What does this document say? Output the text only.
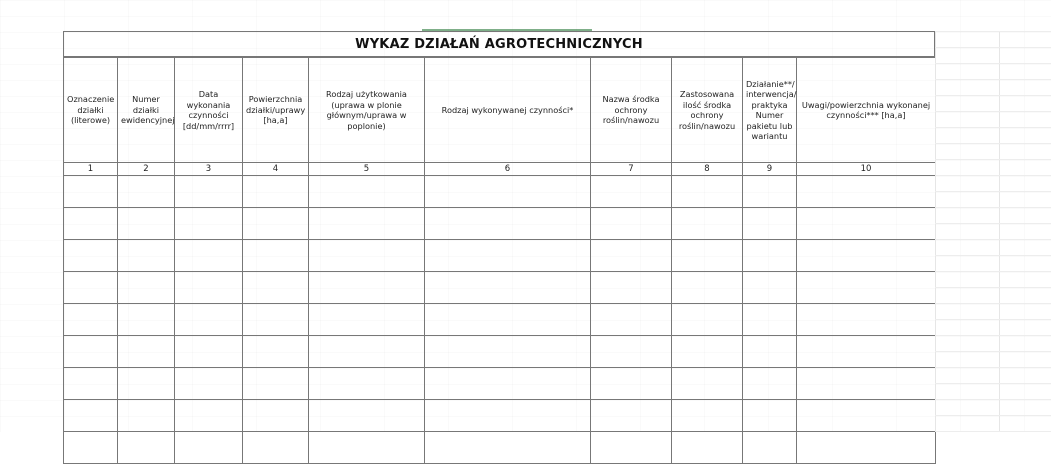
WYKAZ DZIAŁAŃ AGROTECHNICZNYCH
Oznaczenie działki (literowe)	Numer działki ewidencyjnej	Data wykonania czynności [dd/mm/rrrr]	Powierzchnia działki/uprawy [ha,a]	Rodzaj użytkowania (uprawa w plonie głównym/uprawa w poplonie)	Rodzaj wykonywanej czynności*	Nazwa środka ochrony roślin/nawozu	Zastosowana ilość środka ochrony roślin/nawozu	Działanie**/ interwencja/ praktyka Numer pakietu lub wariantu	Uwagi/powierzchnia wykonanej czynności*** [ha,a]
1	2	3	4	5	6	7	8	9	10
